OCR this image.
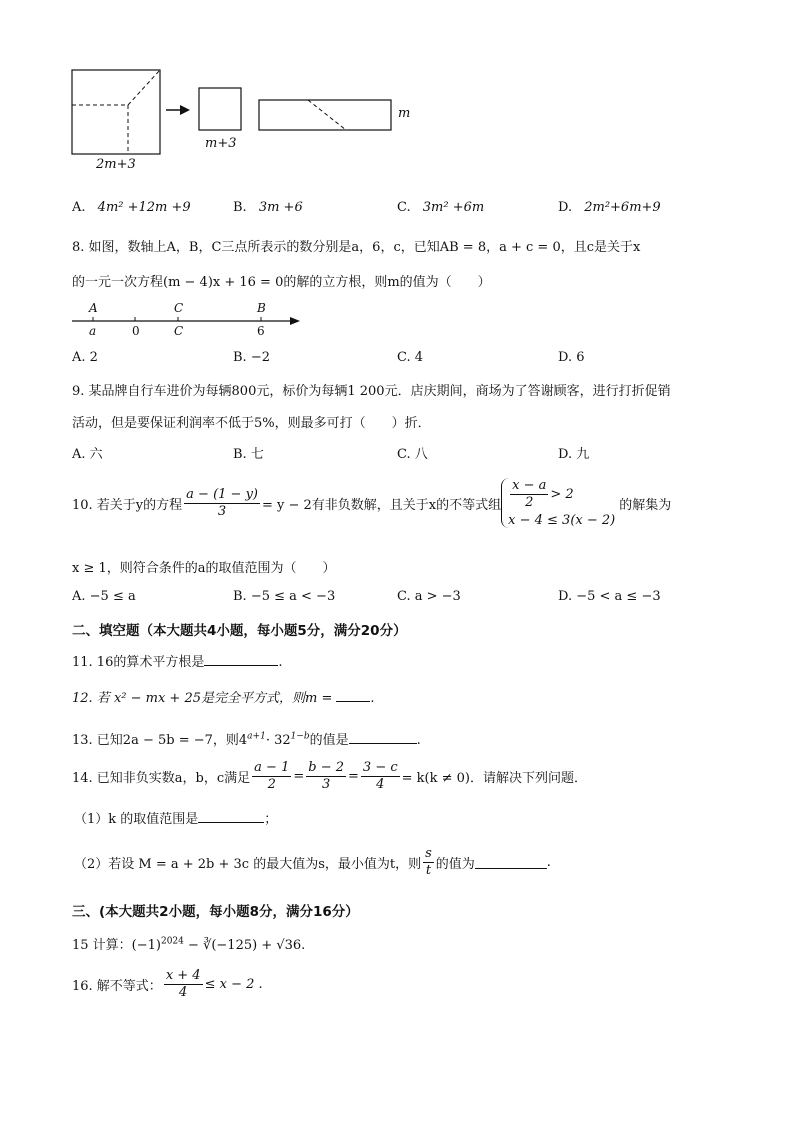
2m+3
m+3
m
A. 4m² +12m +9	B. 3m +6	C. 3m² +6m	D. 2m²+6m+9
8. 如图，数轴上A，B，C三点所表示的数分别是a，6，c，已知AB = 8，a + c = 0，且c是关于x
的一元一次方程(m − 4)x + 16 = 0的解的立方根，则m的值为（　　）
A	C	B
a	0	C	6
A. 2	B. −2	C. 4	D. 6
9. 某品牌自行车进价为每辆800元，标价为每辆1 200元．店庆期间，商场为了答谢顾客，进行打折促销
活动，但是要保证利润率不低于5%，则最多可打（　　）折．
A. 六	B. 七	C. 八	D. 九
10. 若关于y的方程 $\frac{a - (1 - y)}{3} = y - 2$有非负数解，且关于x的不等式组 $\frac{x - a}{2} > 2$
x − 4 ≤ 3(x − 2)
的解集为
x ≥ 1，则符合条件的a的取值范围为（　　）
A. −5 ≤ a	B. −5 ≤ a < −3	C. a > −3	D. −5 < a ≤ −3
二、填空题（本大题共4小题，每小题5分，满分20分）
11. 16的算术平方根是	.
12. 若 x² − mx + 25是完全平方式，则m =	.
13. 已知2a − 5b = −7，则$4^{a+1}\cdot 32^{1-b}$的值是	.
14. 已知非负实数a，b，c满足 $\frac{a - 1}{2} = \frac{b - 2}{3} = \frac{3 - c}{4} = k(k \ne 0)$．请解决下列问题．
（1）k 的取值范围是	；
（2）若设 M = a + 2b + 3c 的最大值为s，最小值为t，则 $\frac{s}{t}$ 的值为	.
三、(本大题共2小题，每小题8分，满分16分）
15 计算：$(-1)^{2024}$ − ∛(−125) + √36.
16. 解不等式： $\frac{x + 4}{4} \le x - 2$ .
